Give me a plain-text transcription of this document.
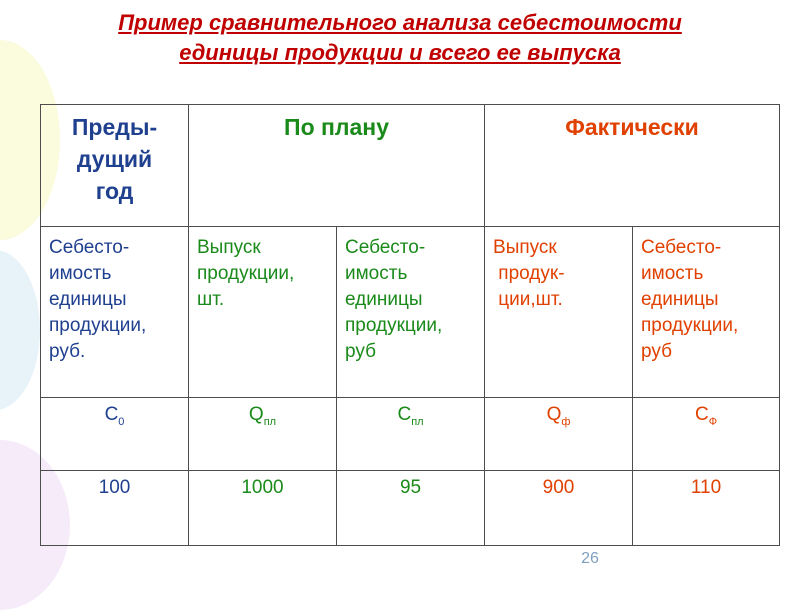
Пример сравнительного анализа себестоимости
единицы продукции и всего ее выпуска
Преды-
дущий
год	По плану		Фактически	
Себесто-
имость
единицы
продукции,
руб.	Выпуск
продукции,
шт.	Себесто-
имость
единицы
продукции,
руб	Выпуск
продук-
ции,шт.	Себесто-
имость
единицы
продукции,
руб
$С_0$	$Q_{пл}$	$С_{пл}$	$Q_ф$	$С_Ф$
100	1000	95	900	110
26
